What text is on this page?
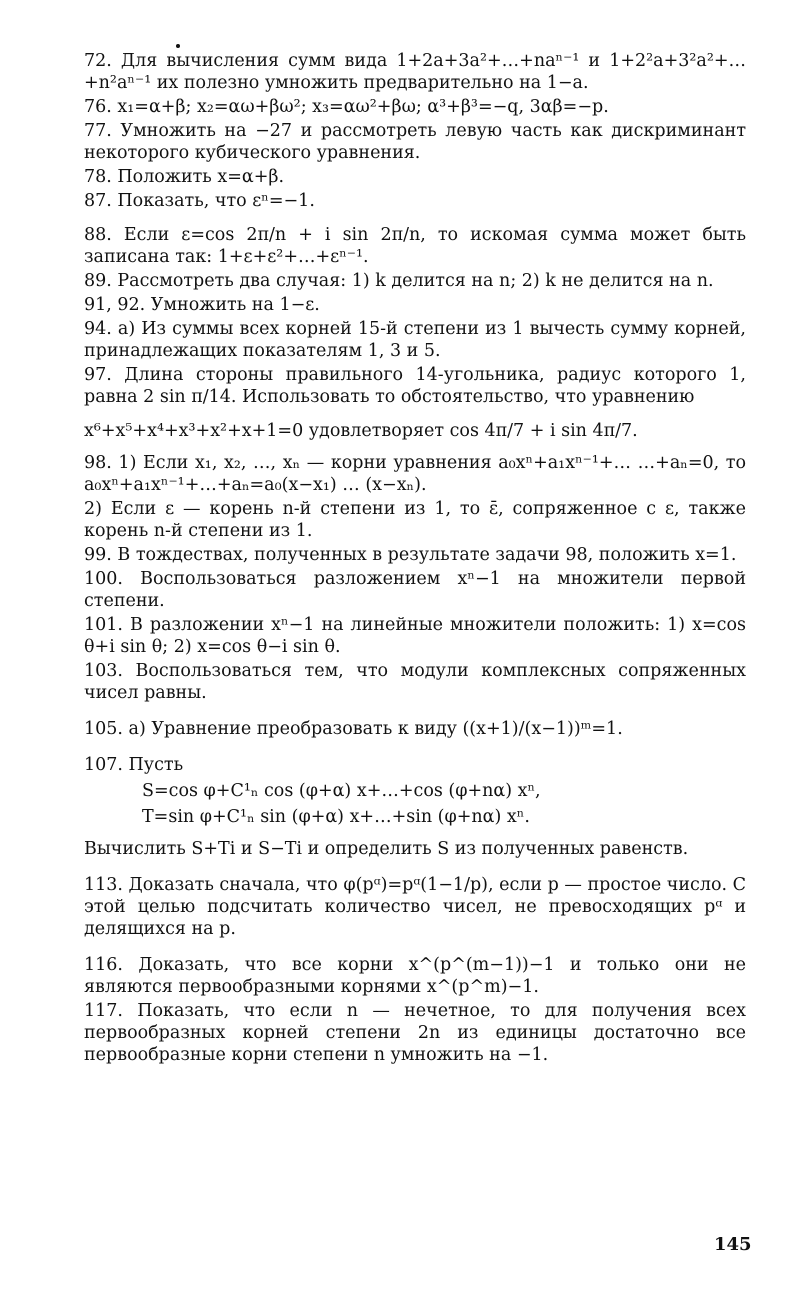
72. Для вычисления сумм вида 1+2a+3a²+…+naⁿ⁻¹ и 1+2²a+3²a²+…+n²aⁿ⁻¹ их полезно умножить предварительно на 1−a.

76. x₁=α+β; x₂=αω+βω²; x₃=αω²+βω; α³+β³=−q, 3αβ=−p.

77. Умножить на −27 и рассмотреть левую часть как дискриминант некоторого кубического уравнения.

78. Положить x=α+β.

87. Показать, что εⁿ=−1.

88. Если ε=cos 2π/n + i sin 2π/n, то искомая сумма может быть записана так: 1+ε+ε²+…+εⁿ⁻¹.

89. Рассмотреть два случая: 1) k делится на n; 2) k не делится на n.

91, 92. Умножить на 1−ε.

94. а) Из суммы всех корней 15-й степени из 1 вычесть сумму корней, принадлежащих показателям 1, 3 и 5.

97. Длина стороны правильного 14-угольника, радиус которого 1, равна 2 sin π/14. Использовать то обстоятельство, что уравнению

x⁶+x⁵+x⁴+x³+x²+x+1=0 удовлетворяет cos 4π/7 + i sin 4π/7.

98. 1) Если x₁, x₂, …, xₙ — корни уравнения a₀xⁿ+a₁xⁿ⁻¹+… …+aₙ=0, то a₀xⁿ+a₁xⁿ⁻¹+…+aₙ=a₀(x−x₁) … (x−xₙ).

2) Если ε — корень n-й степени из 1, то ε̄, сопряженное с ε, также корень n-й степени из 1.

99. В тождествах, полученных в результате задачи 98, положить x=1.

100. Воспользоваться разложением xⁿ−1 на множители первой степени.

101. В разложении xⁿ−1 на линейные множители положить: 1) x=cos θ+i sin θ; 2) x=cos θ−i sin θ.

103. Воспользоваться тем, что модули комплексных сопряженных чисел равны.

105. а) Уравнение преобразовать к виду ((x+1)/(x−1))ᵐ=1.

107. Пусть

S=cos φ+C¹ₙ cos (φ+α) x+…+cos (φ+nα) xⁿ,

T=sin φ+C¹ₙ sin (φ+α) x+…+sin (φ+nα) xⁿ.

Вычислить S+Ti и S−Ti и определить S из полученных равенств.

113. Доказать сначала, что φ(pᵅ)=pᵅ(1−1/p), если p — простое число. С этой целью подсчитать количество чисел, не превосходящих pᵅ и делящихся на p.

116. Доказать, что все корни x^(p^(m−1))−1 и только они не являются первообразными корнями x^(p^m)−1.

117. Показать, что если n — нечетное, то для получения всех первообразных корней степени 2n из единицы достаточно все первообразные корни степени n умножить на −1.

145
